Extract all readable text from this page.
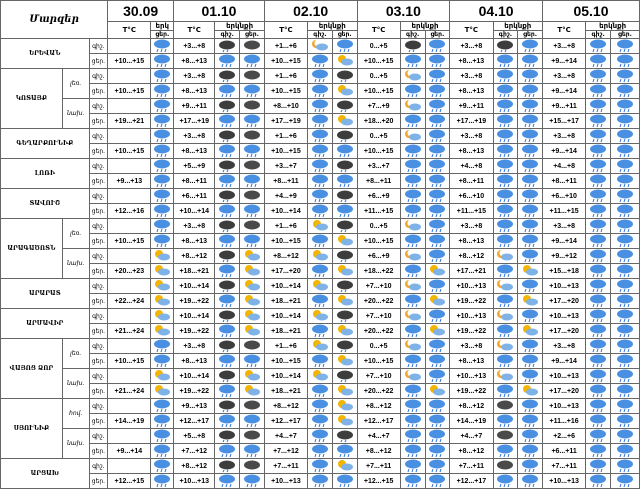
Մարզեր			30.09		01.10			02.10			03.10			04.10			05.10		
			T°C	երկ	T°C	երկնքի		T°C	երկնքի		T°C	երկնքի		T°C	երկնքի		T°C	երկնքի	
				ցեր.		գիշ.	ցեր.		գիշ.	ցեր.		գիշ.	ցեր.		գիշ.	ցեր.		գիշ.	ցեր.
ԵՐԵՎԱՆ		գիշ.			+3...+8			+1...+6			0...+5			+3...+8			+3...+8	

		ցեր.	+10...+15		+8...+13			+10...+15			+10...+15			+8...+13			+9...+14	

ԿՈՏԱՅՔ	լեռ.	գիշ.			+3...+8			+1...+6			0...+5			+3...+8			+3...+8	

		ցեր.	+10...+15		+8...+13			+10...+15			+10...+15			+8...+13			+9...+14	

	նախ.	գիշ.			+9...+11			+8...+10			+7...+9			+9...+11			+9...+11	

		ցեր.	+19...+21		+17...+19			+17...+19			+18...+20			+17...+19			+15...+17	

ԳԵՂԱՐՔՈՒՆԻՔ		գիշ.			+3...+8			+1...+6			0...+5			+3...+8			+3...+8	

		ցեր.	+10...+15		+8...+13			+10...+15			+10...+15			+8...+13			+9...+14	

ԼՈՌԻ		գիշ.			+5...+9			+3...+7			+3...+7			+4...+8			+4...+8	

		ցեր.	+9...+13		+8...+11			+8...+11			+8...+11			+8...+11			+8...+11	

ՏԱՎՈՒՇ		գիշ.			+6...+11			+4...+9			+6...+9			+6...+10			+6...+10	

		ցեր.	+12...+16		+10...+14			+10...+14			+11...+15			+11...+15			+11...+15	

ԱՐԱԳԱԾՈՏՆ	լեռ.	գիշ.			+3...+8			+1...+6			0...+5			+3...+8			+3...+8	

		ցեր.	+10...+15		+8...+13			+10...+15			+10...+15			+8...+13			+9...+14	

	նախ.	գիշ.			+8...+12			+8...+12			+6...+9			+8...+12			+9...+12	

		ցեր.	+20...+23		+18...+21			+17...+20			+18...+22			+17...+21			+15...+18	

ԱՐԱՐԱՏ		գիշ.			+10...+14			+10...+14			+7...+10			+10...+13			+10...+13	

		ցեր.	+22...+24		+19...+22			+18...+21			+20...+22			+19...+22			+17...+20	

ԱՐՄԱՎԻՐ		գիշ.			+10...+14			+10...+14			+7...+10			+10...+13			+10...+13	

		ցեր.	+21...+24		+19...+22			+18...+21			+20...+22			+19...+22			+17...+20	

ՎԱՅՈՑ ՁՈՐ	լեռ.	գիշ.			+3...+8			+1...+6			0...+5			+3...+8			+3...+8	

		ցեր.	+10...+15		+8...+13			+10...+15			+10...+15			+8...+13			+9...+14	

	նախ.	գիշ.			+10...+14			+10...+14			+7...+10			+10...+13			+10...+13	

		ցեր.	+21...+24		+19...+22			+18...+21			+20...+22			+19...+22			+17...+20	

ՍՅՈՒՆԻՔ	հով.	գիշ.			+9...+13			+8...+12			+8...+12			+8...+12			+10...+13	

		ցեր.	+14...+19		+12...+17			+12...+17			+12...+17			+14...+19			+11...+16	

	նախ.	գիշ.			+5...+8			+4...+7			+4...+7			+4...+7			+2...+6	

		ցեր.	+9...+14		+7...+12			+7...+12			+8...+12			+8...+12			+6...+11	

ԱՐՑԱԽ		գիշ.			+8...+12			+7...+11			+7...+11			+7...+11			+7...+11	

		ցեր.	+12...+15		+10...+13			+10...+13			+12...+15			+12...+17			+10...+13	
